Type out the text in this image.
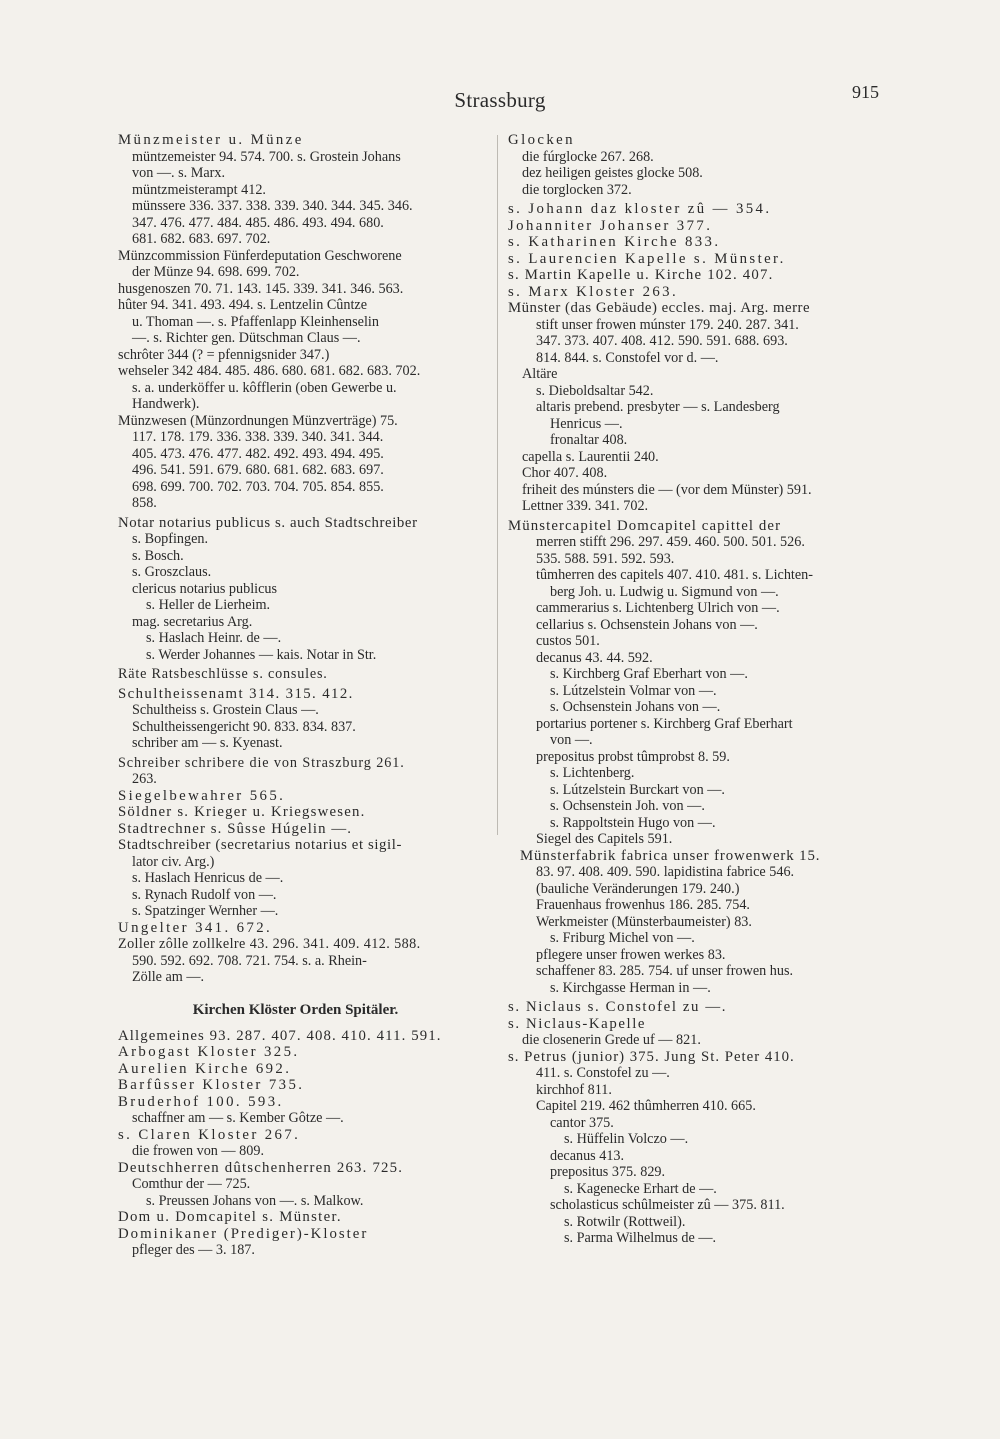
Strassburg	915
Münzmeister u. Münze
müntzemeister 94. 574. 700. s. Grostein Johans
von —. s. Marx.
müntzmeisterampt 412.
münssere 336. 337. 338. 339. 340. 344. 345. 346.
347. 476. 477. 484. 485. 486. 493. 494. 680.
681. 682. 683. 697. 702.
Münzcommission Fünferdeputation Geschworene
der Münze 94. 698. 699. 702.
husgenoszen 70. 71. 143. 145. 339. 341. 346. 563.
hûter 94. 341. 493. 494. s. Lentzelin Cûntze
u. Thoman —. s. Pfaffenlapp Kleinhenselin
—. s. Richter gen. Dütschman Claus —.
schrôter 344 (? = pfennigsnider 347.)
wehseler 342 484. 485. 486. 680. 681. 682. 683. 702.
s. a. underköffer u. kôfflerin (oben Gewerbe u.
Handwerk).
Münzwesen (Münzordnungen Münzverträge) 75.
117. 178. 179. 336. 338. 339. 340. 341. 344.
405. 473. 476. 477. 482. 492. 493. 494. 495.
496. 541. 591. 679. 680. 681. 682. 683. 697.
698. 699. 700. 702. 703. 704. 705. 854. 855.
858.
Notar notarius publicus s. auch Stadtschreiber
s. Bopfingen.
s. Bosch.
s. Groszclaus.
clericus notarius publicus
s. Heller de Lierheim.
mag. secretarius Arg.
s. Haslach Heinr. de —.
s. Werder Johannes — kais. Notar in Str.
Räte Ratsbeschlüsse s. consules.
Schultheissenamt 314. 315. 412.
Schultheiss s. Grostein Claus —.
Schultheissengericht 90. 833. 834. 837.
schriber am — s. Kyenast.
Schreiber schribere die von Straszburg 261.
263.
Siegelbewahrer 565.
Söldner s. Krieger u. Kriegswesen.
Stadtrechner s. Sûsse Húgelin —.
Stadtschreiber (secretarius notarius et sigil-
lator civ. Arg.)
s. Haslach Henricus de —.
s. Rynach Rudolf von —.
s. Spatzinger Wernher —.
Ungelter 341. 672.
Zoller zôlle zollkelre 43. 296. 341. 409. 412. 588.
590. 592. 692. 708. 721. 754. s. a. Rhein-
Zölle am —.
Kirchen Klöster Orden Spitäler.
Allgemeines 93. 287. 407. 408. 410. 411. 591.
Arbogast Kloster 325.
Aurelien Kirche 692.
Barfûsser Kloster 735.
Bruderhof 100. 593.
schaffner am — s. Kember Gôtze —.
s. Claren Kloster 267.
die frowen von — 809.
Deutschherren dûtschenherren 263. 725.
Comthur der — 725.
s. Preussen Johans von —. s. Malkow.
Dom u. Domcapitel s. Münster.
Dominikaner (Prediger)-Kloster
pfleger des — 3. 187.
Glocken
die fúrglocke 267. 268.
dez heiligen geistes glocke 508.
die torglocken 372.
s. Johann daz kloster zû — 354.
Johanniter Johanser 377.
s. Katharinen Kirche 833.
s. Laurencien Kapelle s. Münster.
s. Martin Kapelle u. Kirche 102. 407.
s. Marx Kloster 263.
Münster (das Gebäude) eccles. maj. Arg. merre
stift unser frowen múnster 179. 240. 287. 341.
347. 373. 407. 408. 412. 590. 591. 688. 693.
814. 844. s. Constofel vor d. —.
Altäre
s. Dieboldsaltar 542.
altaris prebend. presbyter — s. Landesberg
Henricus —.
fronaltar 408.
capella s. Laurentii 240.
Chor 407. 408.
friheit des múnsters die — (vor dem Münster) 591.
Lettner 339. 341. 702.
Münstercapitel Domcapitel capittel der
merren stifft 296. 297. 459. 460. 500. 501. 526.
535. 588. 591. 592. 593.
tûmherren des capitels 407. 410. 481. s. Lichten-
berg Joh. u. Ludwig u. Sigmund von —.
cammerarius s. Lichtenberg Ulrich von —.
cellarius s. Ochsenstein Johans von —.
custos 501.
decanus 43. 44. 592.
s. Kirchberg Graf Eberhart von —.
s. Lútzelstein Volmar von —.
s. Ochsenstein Johans von —.
portarius portener s. Kirchberg Graf Eberhart
von —.
prepositus probst tûmprobst 8. 59.
s. Lichtenberg.
s. Lútzelstein Burckart von —.
s. Ochsenstein Joh. von —.
s. Rappoltstein Hugo von —.
Siegel des Capitels 591.
Münsterfabrik fabrica unser frowenwerk 15.
83. 97. 408. 409. 590. lapidistina fabrice 546.
(bauliche Veränderungen 179. 240.)
Frauenhaus frowenhus 186. 285. 754.
Werkmeister (Münsterbaumeister) 83.
s. Friburg Michel von —.
pflegere unser frowen werkes 83.
schaffener 83. 285. 754. uf unser frowen hus.
s. Kirchgasse Herman in —.
s. Niclaus s. Constofel zu —.
s. Niclaus-Kapelle
die closenerin Grede uf — 821.
s. Petrus (junior) 375. Jung St. Peter 410.
411. s. Constofel zu —.
kirchhof 811.
Capitel 219. 462 thûmherren 410. 665.
cantor 375.
s. Hüffelin Volczo —.
decanus 413.
prepositus 375. 829.
s. Kagenecke Erhart de —.
scholasticus schûlmeister zû — 375. 811.
s. Rotwilr (Rottweil).
s. Parma Wilhelmus de —.
